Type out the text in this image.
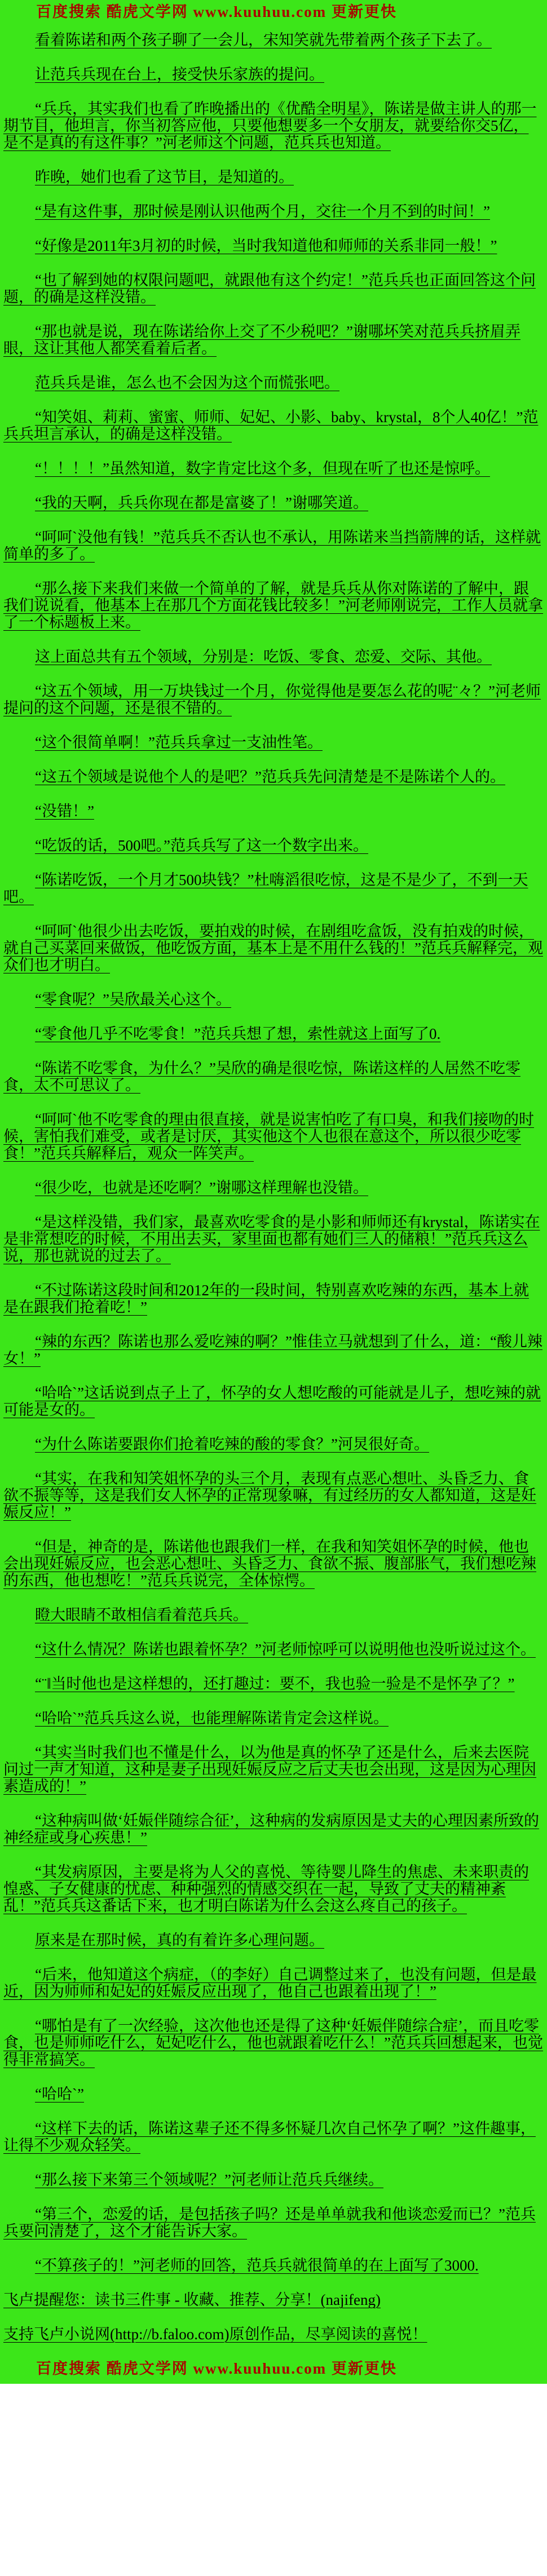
百度搜索 酷虎文学网 www.kuuhuu.com 更新更快

看着陈诺和两个孩子聊了一会儿，宋知笑就先带着两个孩子下去了。

让范兵兵现在台上，接受快乐家族的提问。

“兵兵，其实我们也看了昨晚播出的《优酷全明星》，陈诺是做主讲人的那一期节目，他坦言，你当初答应他，只要他想要多一个女朋友，就要给你交5亿，是不是真的有这件事？”河老师这个问题，范兵兵也知道。

昨晚，她们也看了这节目，是知道的。

“是有这件事，那时候是刚认识他两个月，交往一个月不到的时间！”

“好像是2011年3月初的时候，当时我知道他和师师的关系非同一般！”

“也了解到她的权限问题吧，就跟他有这个约定！”范兵兵也正面回答这个问题，的确是这样没错。

“那也就是说，现在陈诺给你上交了不少税吧？”谢哪坏笑对范兵兵挤眉弄眼，这让其他人都笑看着后者。

范兵兵是谁，怎么也不会因为这个而慌张吧。

“知笑姐、莉莉、蜜蜜、师师、妃妃、小影、baby、krystal，8个人40亿！”范兵兵坦言承认，的确是这样没错。

“！！！！”虽然知道，数字肯定比这个多，但现在听了也还是惊呼。

“我的天啊，兵兵你现在都是富婆了！”谢哪笑道。

“呵呵`没他有钱！”范兵兵不否认也不承认，用陈诺来当挡箭牌的话，这样就简单的多了。

“那么接下来我们来做一个简单的了解，就是兵兵从你对陈诺的了解中，跟我们说说看，他基本上在那几个方面花钱比较多！”河老师刚说完，工作人员就拿了一个标题板上来。

这上面总共有五个领域，分别是：吃饭、零食、恋爱、交际、其他。

“这五个领域，用一万块钱过一个月，你觉得他是要怎么花的呢¨々？”河老师提问的这个问题，还是很不错的。

“这个很简单啊！”范兵兵拿过一支油性笔。

“这五个领域是说他个人的是吧？”范兵兵先问清楚是不是陈诺个人的。

“没错！”

“吃饭的话，500吧。”范兵兵写了这一个数字出来。

“陈诺吃饭，一个月才500块钱？”杜嗨滔很吃惊，这是不是少了，不到一天吧。

“呵呵`他很少出去吃饭，要拍戏的时候，在剧组吃盒饭，没有拍戏的时候，就自己买菜回来做饭，他吃饭方面，基本上是不用什么钱的！”范兵兵解释完，观众们也才明白。

“零食呢？”吴欣最关心这个。

“零食他几乎不吃零食！”范兵兵想了想，索性就这上面写了0.

“陈诺不吃零食，为什么？”吴欣的确是很吃惊，陈诺这样的人居然不吃零食，太不可思议了。

“呵呵`他不吃零食的理由很直接，就是说害怕吃了有口臭，和我们接吻的时候，害怕我们难受，或者是讨厌，其实他这个人也很在意这个，所以很少吃零食！”范兵兵解释后，观众一阵笑声。

“很少吃，也就是还吃啊？”谢哪这样理解也没错。

“是这样没错，我们家，最喜欢吃零食的是小影和师师还有krystal，陈诺实在是非常想吃的时候，不用出去买，家里面也都有她们三人的储粮！”范兵兵这么说，那也就说的过去了。

“不过陈诺这段时间和2012年的一段时间，特别喜欢吃辣的东西，基本上就是在跟我们抢着吃！”

“辣的东西？陈诺也那么爱吃辣的啊？”惟佳立马就想到了什么，道：“酸儿辣女！”

“哈哈`”这话说到点子上了，怀孕的女人想吃酸的可能就是儿子，想吃辣的就可能是女的。

“为什么陈诺要跟你们抢着吃辣的酸的零食？”河炅很好奇。

“其实，在我和知笑姐怀孕的头三个月，表现有点恶心想吐、头昏乏力、食欲不振等等，这是我们女人怀孕的正常现象嘛，有过经历的女人都知道，这是妊娠反应！”

“但是，神奇的是，陈诺他也跟我们一样，在我和知笑姐怀孕的时候，他也会出现妊娠反应，也会恶心想吐、头昏乏力、食欲不振、腹部胀气，我们想吃辣的东西，他也想吃！”范兵兵说完，全体惊愕。

瞪大眼睛不敢相信看着范兵兵。

“这什么情况？陈诺也跟着怀孕？”河老师惊呼可以说明他也没听说过这个。

“¨‖当时他也是这样想的，还打趣过：要不，我也验一验是不是怀孕了？”

“哈哈`”范兵兵这么说，也能理解陈诺肯定会这样说。

“其实当时我们也不懂是什么，以为他是真的怀孕了还是什么，后来去医院问过一声才知道，这种是妻子出现妊娠反应之后丈夫也会出现，这是因为心理因素造成的！”

“这种病叫做‘妊娠伴随综合征’，这种病的发病原因是丈夫的心理因素所致的神经症或身心疾患！”

“其发病原因，主要是将为人父的喜悦、等待婴儿降生的焦虑、未来职责的惶惑、子女健康的忧虑、种种强烈的情感交织在一起，导致了丈夫的精神紊乱！”范兵兵这番话下来，也才明白陈诺为什么会这么疼自己的孩子。

原来是在那时候，真的有着许多心理问题。

“后来，他知道这个病症，（的李好）自己调整过来了，也没有问题，但是最近，因为师师和妃妃的妊娠反应出现了，他自己也跟着出现了！”

“哪怕是有了一次经验，这次他也还是得了这种‘妊娠伴随综合症’，而且吃零食，也是师师吃什么，妃妃吃什么，他也就跟着吃什么！”范兵兵回想起来，也觉得非常搞笑。

“哈哈`”

“这样下去的话，陈诺这辈子还不得多怀疑几次自己怀孕了啊？”这件趣事，让得不少观众轻笑。

“那么接下来第三个领域呢？”河老师让范兵兵继续。

“第三个，恋爱的话，是包括孩子吗？还是单单就我和他谈恋爱而已？”范兵兵要问清楚了，这个才能告诉大家。

“不算孩子的！”河老师的回答，范兵兵就很简单的在上面写了3000.

飞卢提醒您：读书三件事 - 收藏、推荐、分享！(najifeng)

支持飞卢小说网(http://b.faloo.com)原创作品，尽享阅读的喜悦！

百度搜索 酷虎文学网 www.kuuhuu.com 更新更快
